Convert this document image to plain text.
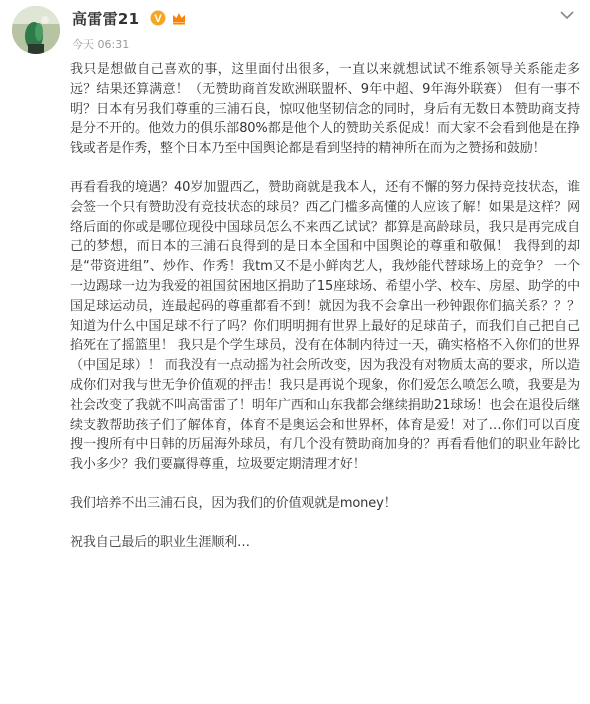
高雷雷21 V
今天 06:31

我只是想做自己喜欢的事，这里面付出很多，一直以来就想试试不维系领导关系能走多远？结果还算满意！（无赞助商首发欧洲联盟杯、9年中超、9年海外联赛） 但有一事不明？日本有另我们尊重的三浦石良，惊叹他坚韧信念的同时，身后有无数日本赞助商支持是分不开的。他效力的俱乐部80%都是他个人的赞助关系促成！而大家不会看到他是在挣钱或者是作秀，整个日本乃至中国舆论都是看到坚持的精神所在而为之赞扬和鼓励！

再看看我的境遇？40岁加盟西乙，赞助商就是我本人，还有不懈的努力保持竞技状态，谁会签一个只有赞助没有竞技状态的球员？西乙门槛多高懂的人应该了解！如果是这样？网络后面的你或是哪位现役中国球员怎么不来西乙试试？都算是高龄球员，我只是再完成自己的梦想，而日本的三浦石良得到的是日本全国和中国舆论的尊重和敬佩！ 我得到的却是“带资进组”、炒作、作秀！我tm又不是小鲜肉艺人，我炒能代替球场上的竞争？ 一个一边踢球一边为我爱的祖国贫困地区捐助了15座球场、希望小学、校车、房屋、助学的中国足球运动员，连最起码的尊重都看不到！就因为我不会拿出一秒钟跟你们搞关系？？？ 知道为什么中国足球不行了吗？你们明明拥有世界上最好的足球苗子，而我们自己把自己掐死在了摇篮里！ 我只是个学生球员，没有在体制内待过一天，确实格格不入你们的世界（中国足球）！ 而我没有一点动摇为社会所改变，因为我没有对物质太高的要求，所以造成你们对我与世无争价值观的抨击！我只是再说个现象，你们爱怎么喷怎么喷，我要是为社会改变了我就不叫高雷雷了！明年广西和山东我都会继续捐助21球场！也会在退役后继续支教帮助孩子们了解体育，体育不是奥运会和世界杯，体育是爱！对了…你们可以百度搜一搜所有中日韩的历届海外球员，有几个没有赞助商加身的？再看看他们的职业年龄比我小多少？我们要赢得尊重，垃圾要定期清理才好！

我们培养不出三浦石良，因为我们的价值观就是money！

祝我自己最后的职业生涯顺利…
